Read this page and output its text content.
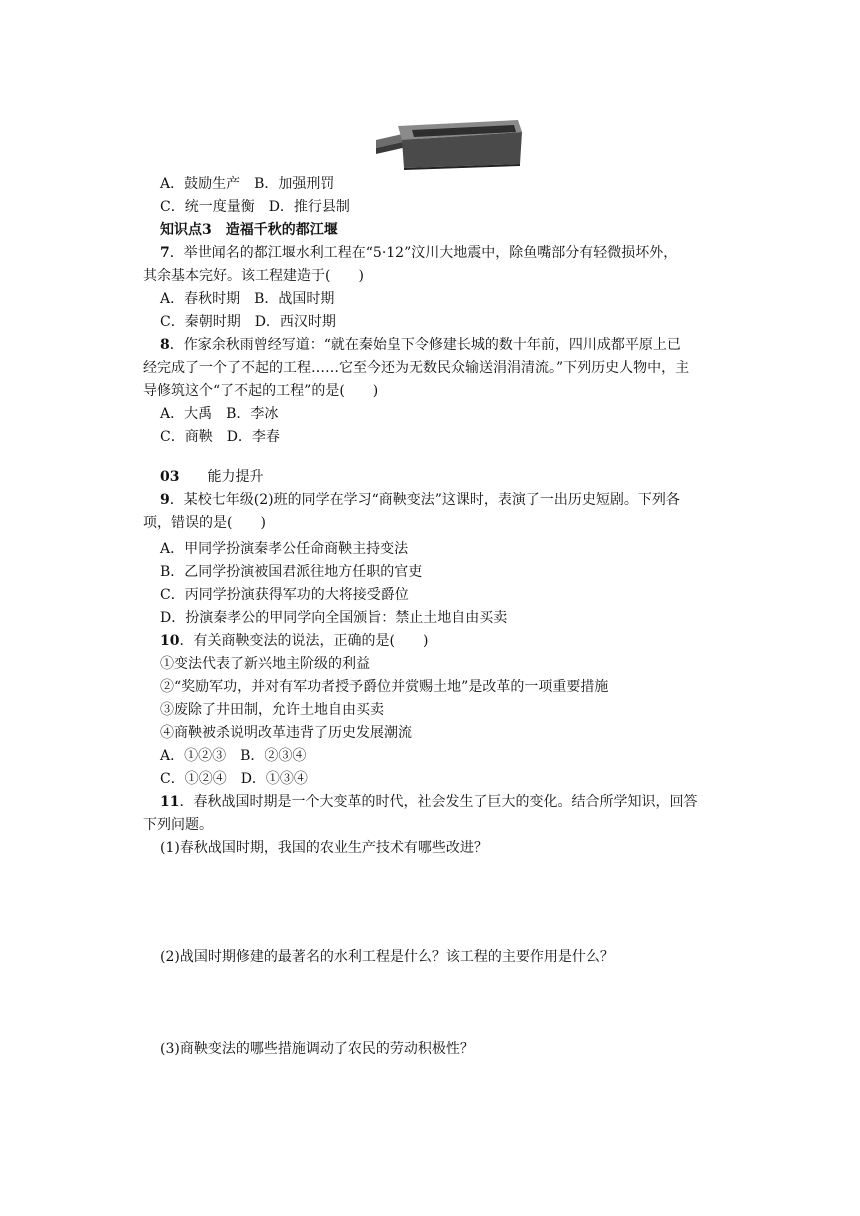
A．鼓励生产　B．加强刑罚
C．统一度量衡　D．推行县制
知识点3　造福千秋的都江堰
7．举世闻名的都江堰水利工程在“5·12”汶川大地震中，除鱼嘴部分有轻微损坏外，
其余基本完好。该工程建造于(　　)
A．春秋时期　B．战国时期
C．秦朝时期　D．西汉时期
8．作家余秋雨曾经写道：“就在秦始皇下令修建长城的数十年前，四川成都平原上已
经完成了一个了不起的工程……它至今还为无数民众输送涓涓清流。”下列历史人物中，主
导修筑这个“了不起的工程”的是(　　)
A．大禹　B．李冰
C．商鞅　D．李春
03 能力提升
9．某校七年级(2)班的同学在学习“商鞅变法”这课时，表演了一出历史短剧。下列各
项，错误的是(　　)
A．甲同学扮演秦孝公任命商鞅主持变法
B．乙同学扮演被国君派往地方任职的官吏
C．丙同学扮演获得军功的大将接受爵位
D．扮演秦孝公的甲同学向全国颁旨：禁止土地自由买卖
10．有关商鞅变法的说法，正确的是(　　)
①变法代表了新兴地主阶级的利益
②“奖励军功，并对有军功者授予爵位并赏赐土地”是改革的一项重要措施
③废除了井田制，允许土地自由买卖
④商鞅被杀说明改革违背了历史发展潮流
A．①②③　B．②③④
C．①②④　D．①③④
11．春秋战国时期是一个大变革的时代，社会发生了巨大的变化。结合所学知识，回答
下列问题。
(1)春秋战国时期，我国的农业生产技术有哪些改进？
(2)战国时期修建的最著名的水利工程是什么？该工程的主要作用是什么？
(3)商鞅变法的哪些措施调动了农民的劳动积极性？
